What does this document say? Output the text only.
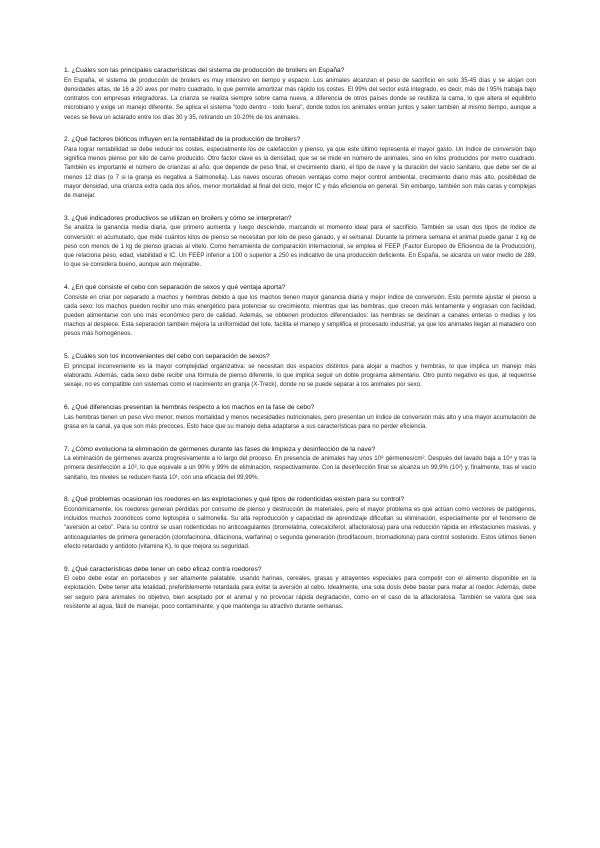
1. ¿Cuáles son las principales características del sistema de producción de broilers en España?

En España, el sistema de producción de broilers es muy intensivo en tiempo y espacio. Los animales alcanzan el peso de sacrificio en solo 35-45 días y se alojan con densidades altas, de 16 a 20 aves por metro cuadrado, lo que permite amortizar más rápido los costes. El 99% del sector está integrado, es decir, más de l 95% trabaja bajo contratos con empresas integradoras. La crianza se realiza siempre sobre cama nueva, a diferencia de otros países donde se reutiliza la cama, lo que altera el equilibrio microbiano y exige un manejo diferente. Se aplica el sistema "todo dentro - todo fuera", donde todos los animales entran juntos y salen también al mismo tiempo, aunque a veces se lleva un aclarado entre los días 30 y 35, retirando un 10-20% de los animales.

2. ¿Qué factores bióticos influyen en la rentabilidad de la producción de broilers?

Para lograr rentabilidad se debe reducir los costes, especialmente los de calefacción y pienso, ya que este último representa el mayor gasto. Un índice de conversión bajo significa menos pienso por kilo de carne producido. Otro factor clave es la densidad, que se se mide en número de animales, sino en kilos producidos por metro cuadrado. También es importante el número de crianzas al año, que depende de peso final, el crecimiento diario, el tipo de nave y la duración del vacío sanitario, que debe ser de al menos 12 días (o 7 si la granja es negativa a Salmonella). Las naves oscuras ofrecen ventajas como mejor control ambiental, crecimiento diario más alto, posibilidad de mayor densidad, una crianza extra cada dos años, menor mortalidad al final del ciclo, mejor IC y más eficiencia en general. Sin embargo, también son más caras y complejas de manejar.

3. ¿Qué indicadores productivos se utilizan en broilers y cómo se interpretan?

Se analiza la ganancia media diaria, que primero aumenta y luego desciende, marcando el momento ideal para el sacrificio. También se usan dos tipos de índice de conversión: el acumulado, que mide cuántos kilos de pienso se necesitan por kilo de peso ganado, y el semanal. Durante la primera semana el animal puede ganar 1 kg de peso con menos de 1 kg de pienso gracias al vitelo. Como herramienta de comparación internacional, se emplea el FEEP (Factor Europeo de Eficiencia de la Producción), que relaciona peso, edad, viabilidad e IC. Un FEEP inferior a 100 o superior a 250 es indicativo de una producción deficiente. En España, se alcanza un valor medio de 289, lo que se considera bueno, aunque aún mejorable.

4. ¿En qué consiste el cebo con separación de sexos y qué ventaja aporta?

Consiste en criar por separado a machos y hembras debido a que los machos tienen mayor ganancia diaria y mejor índice de conversión. Esto permite ajustar el pienso a cada sexo: los machos pueden recibir uno más energético para potenciar su crecimiento, mientras que las hembras, que crecen más lentamente y engrasan con facilidad, pueden alimentarse con uno más económico pero de calidad. Además, se obtienen productos diferenciados: las hembras se destinan a canales enteras o medias y los machos al despiece. Esta separación también mejora la uniformidad del lote, facilita el manejo y simplifica el procesado industrial, ya que los animales llegan al matadero con pesos más homogéneos.

5. ¿Cuáles son los inconvenientes del cebo con separación de sexos?

El principal inconveniente es la mayor complejidad organizativa: se necesitan dos espacios distintos para alojar a machos y hembras, lo que implica un manejo más elaborado. Además, cada sexo debe recibir una fórmula de pienso diferente, lo que implica seguir un doble programa alimentario. Otro punto negativo es que, al requerirse sexaje, no es compatible con sistemas como el nacimiento en granja (X-Treck), donde no se puede separar a los animales por sexo.

6. ¿Qué diferencias presentan la hembras respecto a los machos en la fase de cebo?

Las hembras tienen un peso vivo menor, menos mortalidad y menos necesidades nutricionales, pero presentan un índice de conversión más alto y una mayor acumulación de grasa en la canal, ya que son más precoces. Esto hace que su manejo deba adaptarse a sus características para no perder eficiencia.

7. ¿Cómo evoluciona la eliminación de gérmenes durante las fases de limpieza y desinfección de la nave?

La eliminación de gérmenes avanza progresivamente a lo largo del proceso. En presencia de animales hay unos 10⁸ gérmenes/cm². Después del lavado baja a 10⁴ y tras la primera desinfección a 10³, lo que equivale a un 90% y 99% de eliminación, respectivamente. Con la desinfección final se alcanza un 99,9% (10²) y, finalmente, tras el vacío sanitario, los niveles se reducen hasta 10¹, con una eficacia del 99,99%.

8. ¿Qué problemas ocasionan los roedores en las explotaciones y qué tipos de rodenticidas existen para su control?

Económicamente, los roedores generan pérdidas por consumo de pienso y destrucción de materiales, pero el mayor problema es que actúan como vectores de patógenos, incluidos muchos zoonóticos como leptospira o salmonella. Su alta reproducción y capacidad de aprendizaje dificultan su eliminación, especialmente por el fenómeno de "aversión al cebo". Para su control se usan rodenticidas no anticoagulantes (bromelatina, colecalciferol, alfacloralosa) para una reducción rápida en infestaciones masivas, y anticoagulantes de primera generación (clorofacinona, difacinona, warfarina) o segunda generación (brodifacoum, bromadiolona) para control sostenido. Estos últimos tienen efecto retardado y antídoto (vitamina K), lo que mejora su seguridad.

9. ¿Qué características debe tener un cebo eficaz contra roedores?

El cebo debe estar en portacebos y ser altamente palatable, usando harinas, cereales, grasas y atrayentes especiales para competir con el alimento disponible en la explotación. Debe tener alta letalidad, preferiblemente retardada para evitar la aversión al cebo. Idealmente, una sola dosis debe bastar para matar al roedor. Además, debe ser seguro para animales no objetivo, bien aceptado por el animal y no provocar rápida degradación, como en el caso de la alfacloralosa. También se valora que sea resistente al agua, fácil de manejar, poco contaminante, y que mantenga su atractivo durante semanas.
